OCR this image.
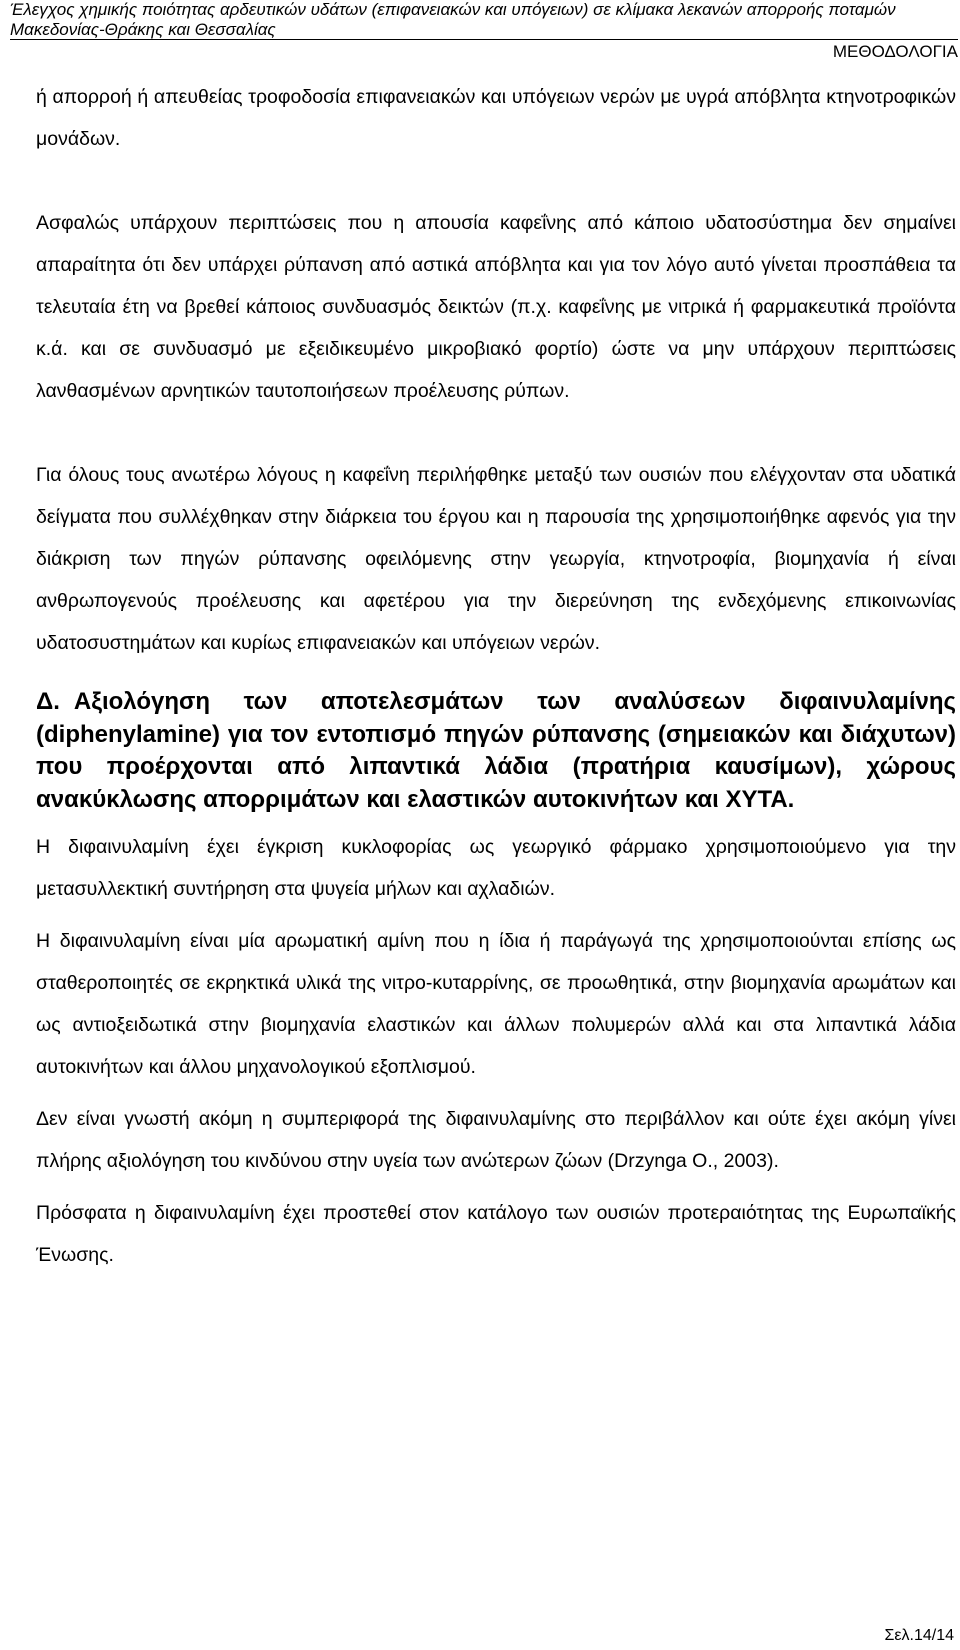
Έλεγχος χημικής ποιότητας αρδευτικών υδάτων (επιφανειακών και υπόγειων) σε κλίμακα λεκανών απορροής ποταμών
Μακεδονίας-Θράκης και Θεσσαλίας
ΜΕΘΟΔΟΛΟΓΙΑ

ή απορροή ή απευθείας τροφοδοσία επιφανειακών και υπόγειων νερών με υγρά απόβλητα κτηνοτροφικών μονάδων.

Ασφαλώς υπάρχουν περιπτώσεις που η απουσία καφεΐνης από κάποιο υδατοσύστημα δεν σημαίνει απαραίτητα ότι δεν υπάρχει ρύπανση από αστικά απόβλητα και για τον λόγο αυτό γίνεται προσπάθεια τα τελευταία έτη να βρεθεί κάποιος συνδυασμός δεικτών (π.χ. καφεΐνης με νιτρικά ή φαρμακευτικά προϊόντα κ.ά. και σε συνδυασμό με εξειδικευμένο μικροβιακό φορτίο) ώστε να μην υπάρχουν περιπτώσεις λανθασμένων αρνητικών ταυτοποιήσεων προέλευσης ρύπων.

Για όλους τους ανωτέρω λόγους η καφεΐνη περιλήφθηκε μεταξύ των ουσιών που ελέγχονταν στα υδατικά δείγματα που συλλέχθηκαν στην διάρκεια του έργου και η παρουσία της χρησιμοποιήθηκε αφενός για την διάκριση των πηγών ρύπανσης οφειλόμενης στην γεωργία, κτηνοτροφία, βιομηχανία ή είναι ανθρωπογενούς προέλευσης και αφετέρου για την διερεύνηση της ενδεχόμενης επικοινωνίας υδατοσυστημάτων και κυρίως επιφανειακών και υπόγειων νερών.

Δ. Αξιολόγηση των αποτελεσμάτων των αναλύσεων διφαινυλαμίνης (diphenylamine) για τον εντοπισμό πηγών ρύπανσης (σημειακών και διάχυτων) που προέρχονται από λιπαντικά λάδια (πρατήρια καυσίμων), χώρους ανακύκλωσης απορριμάτων και ελαστικών αυτοκινήτων και ΧΥΤΑ.

Η διφαινυλαμίνη έχει έγκριση κυκλοφορίας ως γεωργικό φάρμακο χρησιμοποιούμενο για την μετασυλλεκτική συντήρηση στα ψυγεία μήλων και αχλαδιών.

Η διφαινυλαμίνη είναι μία αρωματική αμίνη που η ίδια ή παράγωγά της χρησιμοποιούνται επίσης ως σταθεροποιητές σε εκρηκτικά υλικά της νιτρο-κυταρρίνης, σε προωθητικά, στην βιομηχανία αρωμάτων και ως αντιοξειδωτικά στην βιομηχανία ελαστικών και άλλων πολυμερών αλλά και στα λιπαντικά λάδια αυτοκινήτων και άλλου μηχανολογικού εξοπλισμού.

Δεν είναι γνωστή ακόμη η συμπεριφορά της διφαινυλαμίνης στο περιβάλλον και ούτε έχει ακόμη γίνει πλήρης αξιολόγηση του κινδύνου στην υγεία των ανώτερων ζώων (Drzynga O., 2003).

Πρόσφατα η διφαινυλαμίνη έχει προστεθεί στον κατάλογο των ουσιών προτεραιότητας της Ευρωπαϊκής Ένωσης.

Σελ.14/14
